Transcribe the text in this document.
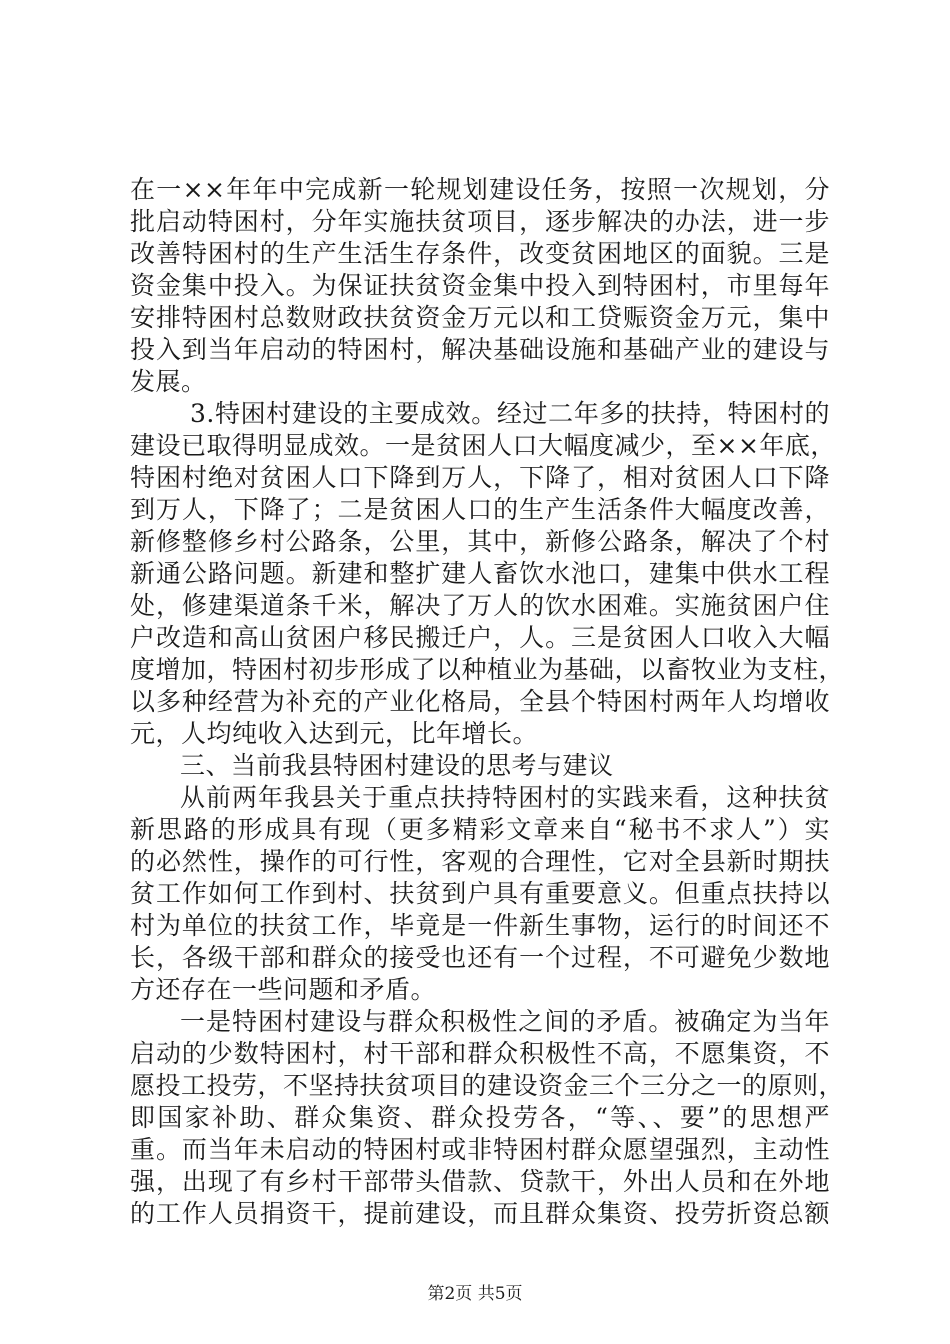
在一××年年中完成新一轮规划建设任务，按照一次规划，分
批启动特困村，分年实施扶贫项目，逐步解决的办法，进一步
改善特困村的生产生活生存条件，改变贫困地区的面貌。三是
资金集中投入。为保证扶贫资金集中投入到特困村，市里每年
安排特困村总数财政扶贫资金万元以和工贷赈资金万元，集中
投入到当年启动的特困村，解决基础设施和基础产业的建设与
发展。
3.特困村建设的主要成效。经过二年多的扶持，特困村的
建设已取得明显成效。一是贫困人口大幅度减少，至××年底，
特困村绝对贫困人口下降到万人，下降了，相对贫困人口下降
到万人，下降了；二是贫困人口的生产生活条件大幅度改善，
新修整修乡村公路条，公里，其中，新修公路条，解决了个村
新通公路问题。新建和整扩建人畜饮水池口，建集中供水工程
处，修建渠道条千米，解决了万人的饮水困难。实施贫困户住
户改造和高山贫困户移民搬迁户，人。三是贫困人口收入大幅
度增加，特困村初步形成了以种植业为基础，以畜牧业为支柱，
以多种经营为补充的产业化格局，全县个特困村两年人均增收
元，人均纯收入达到元，比年增长。
三、当前我县特困村建设的思考与建议
从前两年我县关于重点扶持特困村的实践来看，这种扶贫
新思路的形成具有现（更多精彩文章来自“秘书不求人”）实
的必然性，操作的可行性，客观的合理性，它对全县新时期扶
贫工作如何工作到村、扶贫到户具有重要意义。但重点扶持以
村为单位的扶贫工作，毕竟是一件新生事物，运行的时间还不
长，各级干部和群众的接受也还有一个过程，不可避免少数地
方还存在一些问题和矛盾。
一是特困村建设与群众积极性之间的矛盾。被确定为当年
启动的少数特困村，村干部和群众积极性不高，不愿集资，不
愿投工投劳，不坚持扶贫项目的建设资金三个三分之一的原则，
即国家补助、群众集资、群众投劳各，“等、、要”的思想严
重。而当年未启动的特困村或非特困村群众愿望强烈，主动性
强，出现了有乡村干部带头借款、贷款干，外出人员和在外地
的工作人员捐资干，提前建设，而且群众集资、投劳折资总额
第2页 共5页
